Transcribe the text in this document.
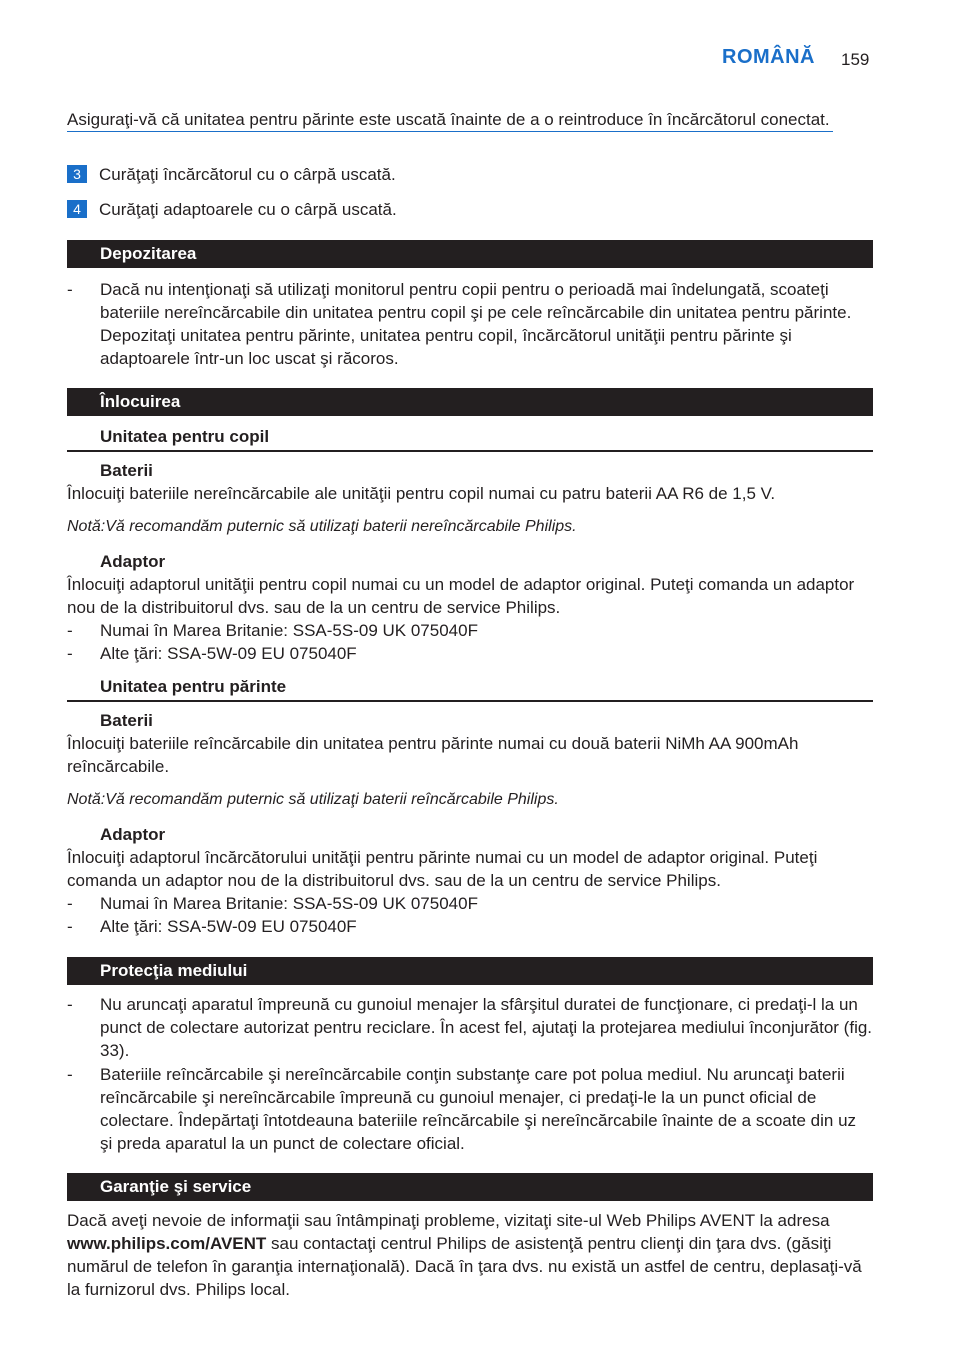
ROMÂNĂ 159
Asiguraţi-vă că unitatea pentru părinte este uscată înainte de a o reintroduce în încărcătorul conectat.
3 Curăţaţi încărcătorul cu o cârpă uscată.
4 Curăţaţi adaptoarele cu o cârpă uscată.
Depozitarea
- Dacă nu intenţionaţi să utilizaţi monitorul pentru copii pentru o perioadă mai îndelungată, scoateţi bateriile nereîncărcabile din unitatea pentru copil şi pe cele reîncărcabile din unitatea pentru părinte. Depozitaţi unitatea pentru părinte, unitatea pentru copil, încărcătorul unităţii pentru părinte şi adaptoarele într-un loc uscat şi răcoros.
Înlocuirea
Unitatea pentru copil
Baterii
Înlocuiţi bateriile nereîncărcabile ale unităţii pentru copil numai cu patru baterii AA R6 de 1,5 V.
Notă:Vă recomandăm puternic să utilizaţi baterii nereîncărcabile Philips.
Adaptor
Înlocuiţi adaptorul unităţii pentru copil numai cu un model de adaptor original. Puteţi comanda un adaptor nou de la distribuitorul dvs. sau de la un centru de service Philips.
- Numai în Marea Britanie: SSA-5S-09 UK 075040F
- Alte ţări: SSA-5W-09 EU 075040F
Unitatea pentru părinte
Baterii
Înlocuiţi bateriile reîncărcabile din unitatea pentru părinte numai cu două baterii NiMh AA 900mAh reîncărcabile.
Notă:Vă recomandăm puternic să utilizaţi baterii reîncărcabile Philips.
Adaptor
Înlocuiţi adaptorul încărcătorului unităţii pentru părinte numai cu un model de adaptor original. Puteţi comanda un adaptor nou de la distribuitorul dvs. sau de la un centru de service Philips.
- Numai în Marea Britanie: SSA-5S-09 UK 075040F
- Alte ţări: SSA-5W-09 EU 075040F
Protecţia mediului
- Nu aruncaţi aparatul împreună cu gunoiul menajer la sfârşitul duratei de funcţionare, ci predaţi-l la un punct de colectare autorizat pentru reciclare. În acest fel, ajutaţi la protejarea mediului înconjurător (fig. 33).
- Bateriile reîncărcabile şi nereîncărcabile conţin substanţe care pot polua mediul. Nu aruncaţi baterii reîncărcabile şi nereîncărcabile împreună cu gunoiul menajer, ci predaţi-le la un punct oficial de colectare. Îndepărtaţi întotdeauna bateriile reîncărcabile şi nereîncărcabile înainte de a scoate din uz şi preda aparatul la un punct de colectare oficial.
Garanţie şi service
Dacă aveţi nevoie de informaţii sau întâmpinaţi probleme, vizitaţi site-ul Web Philips AVENT la adresa www.philips.com/AVENT sau contactaţi centrul Philips de asistenţă pentru clienţi din ţara dvs. (găsiţi numărul de telefon în garanţia internaţională). Dacă în ţara dvs. nu există un astfel de centru, deplasaţi-vă la furnizorul dvs. Philips local.
